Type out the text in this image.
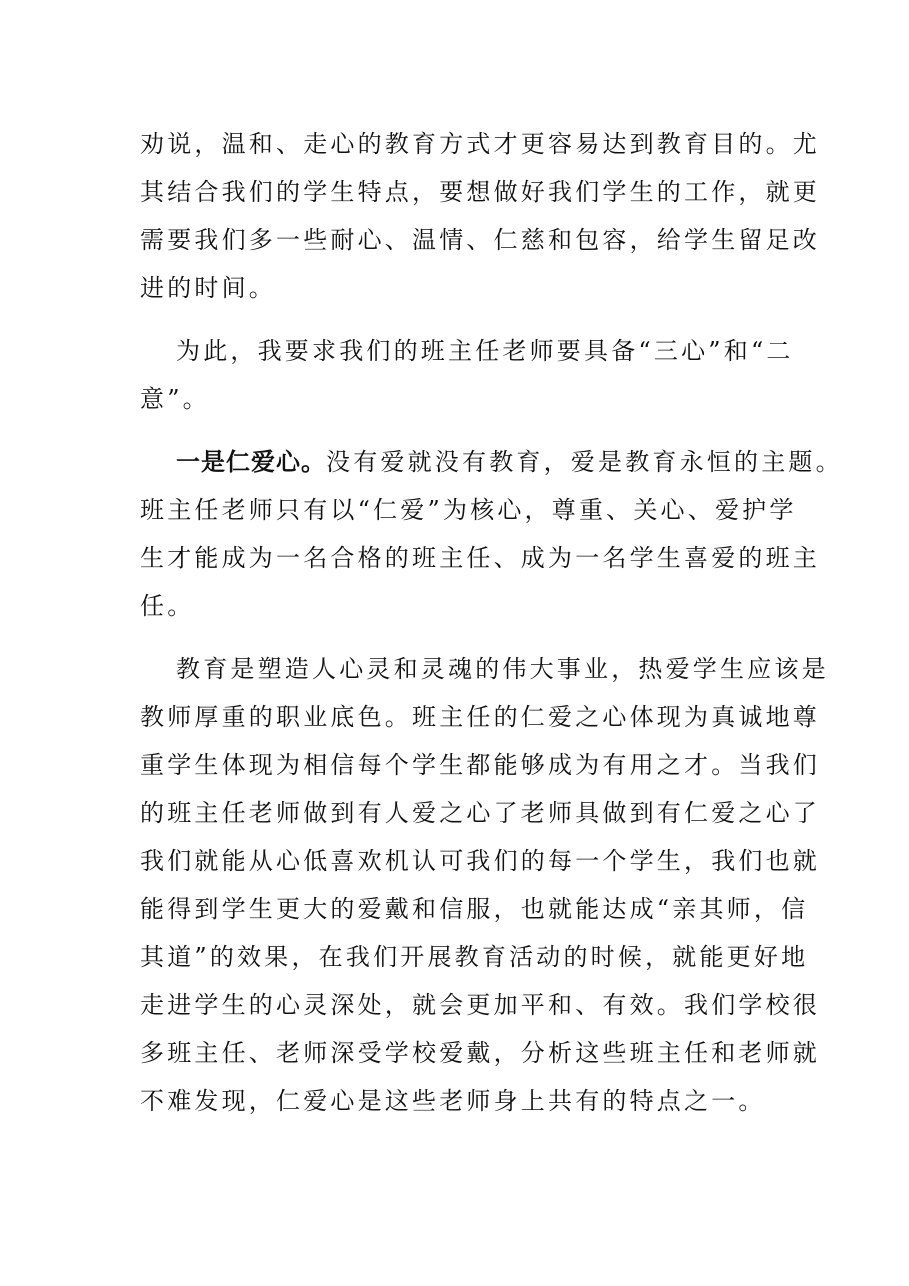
劝说，温和、走心的教育方式才更容易达到教育目的。尤
其结合我们的学生特点，要想做好我们学生的工作，就更
需要我们多一些耐心、温情、仁慈和包容，给学生留足改
进的时间。
为此，我要求我们的班主任老师要具备“三心”和“二
意”。
一是仁爱心。没有爱就没有教育，爱是教育永恒的主题。
班主任老师只有以“仁爱”为核心，尊重、关心、爱护学
生才能成为一名合格的班主任、成为一名学生喜爱的班主
任。
教育是塑造人心灵和灵魂的伟大事业，热爱学生应该是
教师厚重的职业底色。班主任的仁爱之心体现为真诚地尊
重学生体现为相信每个学生都能够成为有用之才。当我们
的班主任老师做到有人爱之心了老师具做到有仁爱之心了
我们就能从心低喜欢机认可我们的每一个学生，我们也就
能得到学生更大的爱戴和信服，也就能达成“亲其师，信
其道”的效果，在我们开展教育活动的时候，就能更好地
走进学生的心灵深处，就会更加平和、有效。我们学校很
多班主任、老师深受学校爱戴，分析这些班主任和老师就
不难发现，仁爱心是这些老师身上共有的特点之一。
